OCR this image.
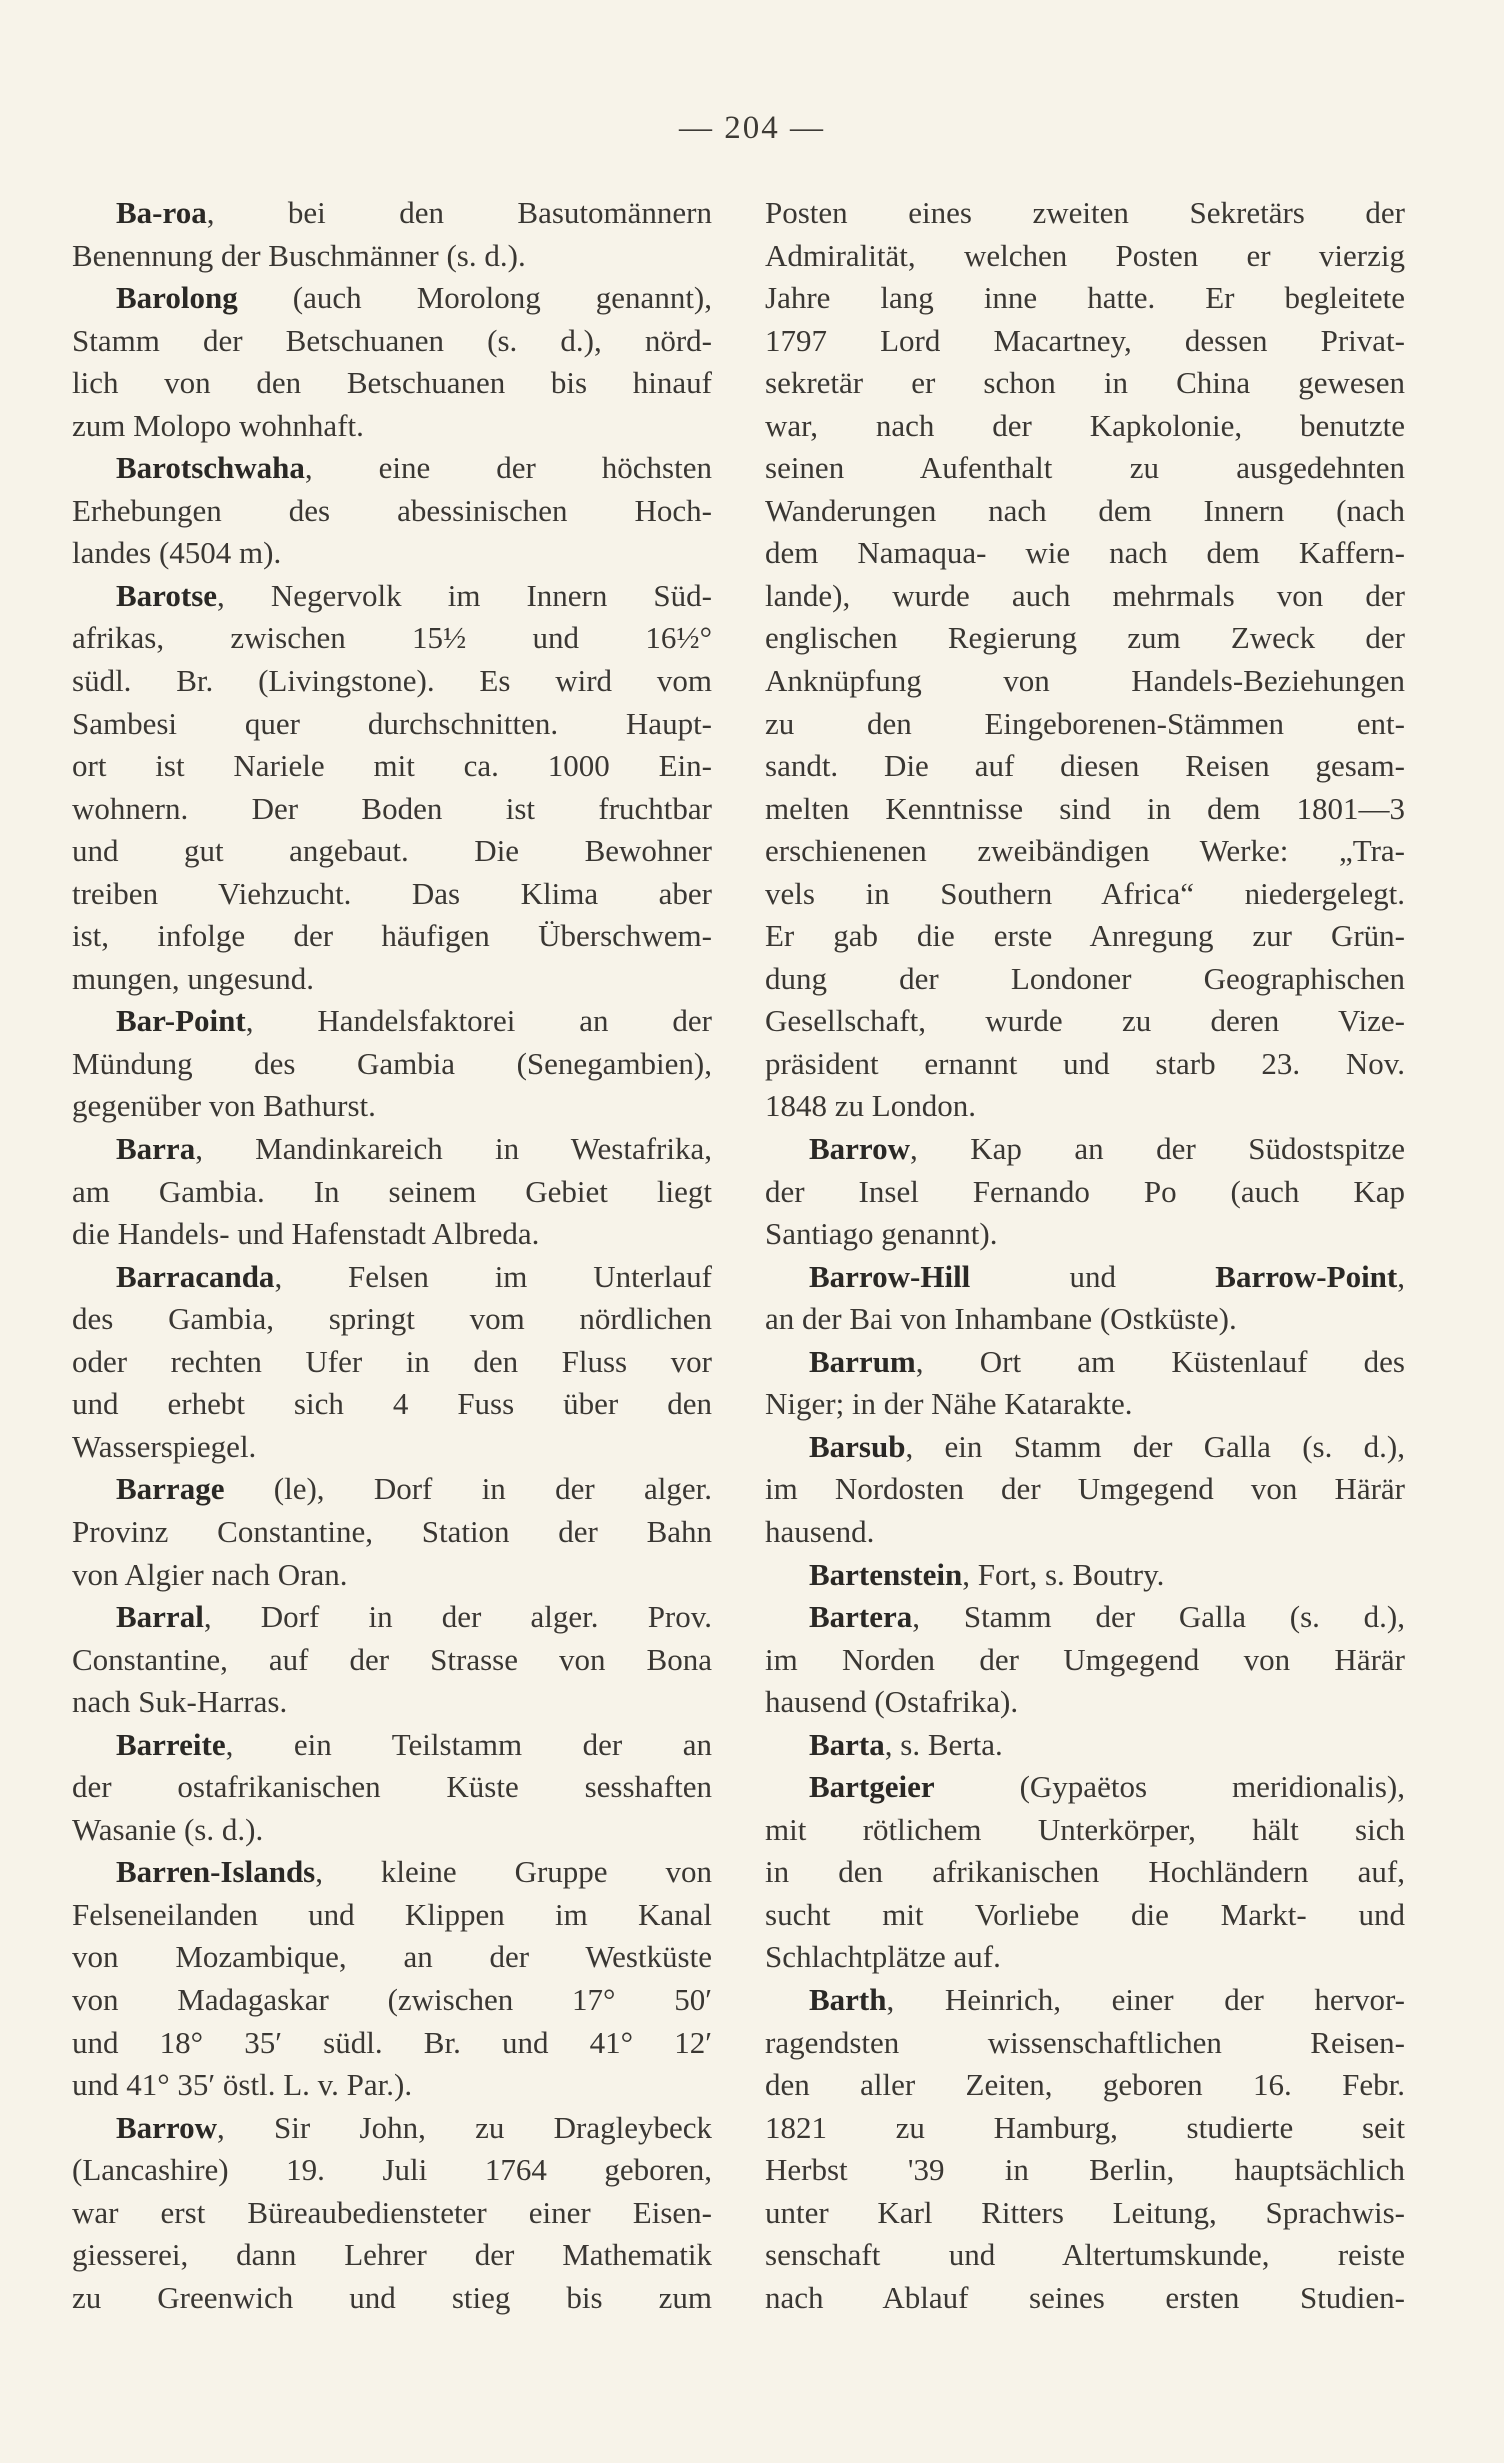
— 204 —
Ba-roa, bei den Basutomännern
Benennung der Buschmänner (s. d.).
Barolong (auch Morolong genannt),
Stamm der Betschuanen (s. d.), nörd-
lich von den Betschuanen bis hinauf
zum Molopo wohnhaft.
Barotschwaha, eine der höchsten
Erhebungen des abessinischen Hoch-
landes (4504 m).
Barotse, Negervolk im Innern Süd-
afrikas, zwischen 15½ und 16½°
südl. Br. (Livingstone). Es wird vom
Sambesi quer durchschnitten. Haupt-
ort ist Nariele mit ca. 1000 Ein-
wohnern. Der Boden ist fruchtbar
und gut angebaut. Die Bewohner
treiben Viehzucht. Das Klima aber
ist, infolge der häufigen Überschwem-
mungen, ungesund.
Bar-Point, Handelsfaktorei an der
Mündung des Gambia (Senegambien),
gegenüber von Bathurst.
Barra, Mandinkareich in Westafrika,
am Gambia. In seinem Gebiet liegt
die Handels- und Hafenstadt Albreda.
Barracanda, Felsen im Unterlauf
des Gambia, springt vom nördlichen
oder rechten Ufer in den Fluss vor
und erhebt sich 4 Fuss über den
Wasserspiegel.
Barrage (le), Dorf in der alger.
Provinz Constantine, Station der Bahn
von Algier nach Oran.
Barral, Dorf in der alger. Prov.
Constantine, auf der Strasse von Bona
nach Suk-Harras.
Barreite, ein Teilstamm der an
der ostafrikanischen Küste sesshaften
Wasanie (s. d.).
Barren-Islands, kleine Gruppe von
Felseneilanden und Klippen im Kanal
von Mozambique, an der Westküste
von Madagaskar (zwischen 17° 50′
und 18° 35′ südl. Br. und 41° 12′
und 41° 35′ östl. L. v. Par.).
Barrow, Sir John, zu Dragleybeck
(Lancashire) 19. Juli 1764 geboren,
war erst Büreaubediensteter einer Eisen-
giesserei, dann Lehrer der Mathematik
zu Greenwich und stieg bis zum
Posten eines zweiten Sekretärs der
Admiralität, welchen Posten er vierzig
Jahre lang inne hatte. Er begleitete
1797 Lord Macartney, dessen Privat-
sekretär er schon in China gewesen
war, nach der Kapkolonie, benutzte
seinen Aufenthalt zu ausgedehnten
Wanderungen nach dem Innern (nach
dem Namaqua- wie nach dem Kaffern-
lande), wurde auch mehrmals von der
englischen Regierung zum Zweck der
Anknüpfung von Handels-Beziehungen
zu den Eingeborenen-Stämmen ent-
sandt. Die auf diesen Reisen gesam-
melten Kenntnisse sind in dem 1801—3
erschienenen zweibändigen Werke: „Tra-
vels in Southern Africa“ niedergelegt.
Er gab die erste Anregung zur Grün-
dung der Londoner Geographischen
Gesellschaft, wurde zu deren Vize-
präsident ernannt und starb 23. Nov.
1848 zu London.
Barrow, Kap an der Südostspitze
der Insel Fernando Po (auch Kap
Santiago genannt).
Barrow-Hill und Barrow-Point,
an der Bai von Inhambane (Ostküste).
Barrum, Ort am Küstenlauf des
Niger; in der Nähe Katarakte.
Barsub, ein Stamm der Galla (s. d.),
im Nordosten der Umgegend von Härär
hausend.
Bartenstein, Fort, s. Boutry.
Bartera, Stamm der Galla (s. d.),
im Norden der Umgegend von Härär
hausend (Ostafrika).
Barta, s. Berta.
Bartgeier (Gypaëtos meridionalis),
mit rötlichem Unterkörper, hält sich
in den afrikanischen Hochländern auf,
sucht mit Vorliebe die Markt- und
Schlachtplätze auf.
Barth, Heinrich, einer der hervor-
ragendsten wissenschaftlichen Reisen-
den aller Zeiten, geboren 16. Febr.
1821 zu Hamburg, studierte seit
Herbst '39 in Berlin, hauptsächlich
unter Karl Ritters Leitung, Sprachwis-
senschaft und Altertumskunde, reiste
nach Ablauf seines ersten Studien-
